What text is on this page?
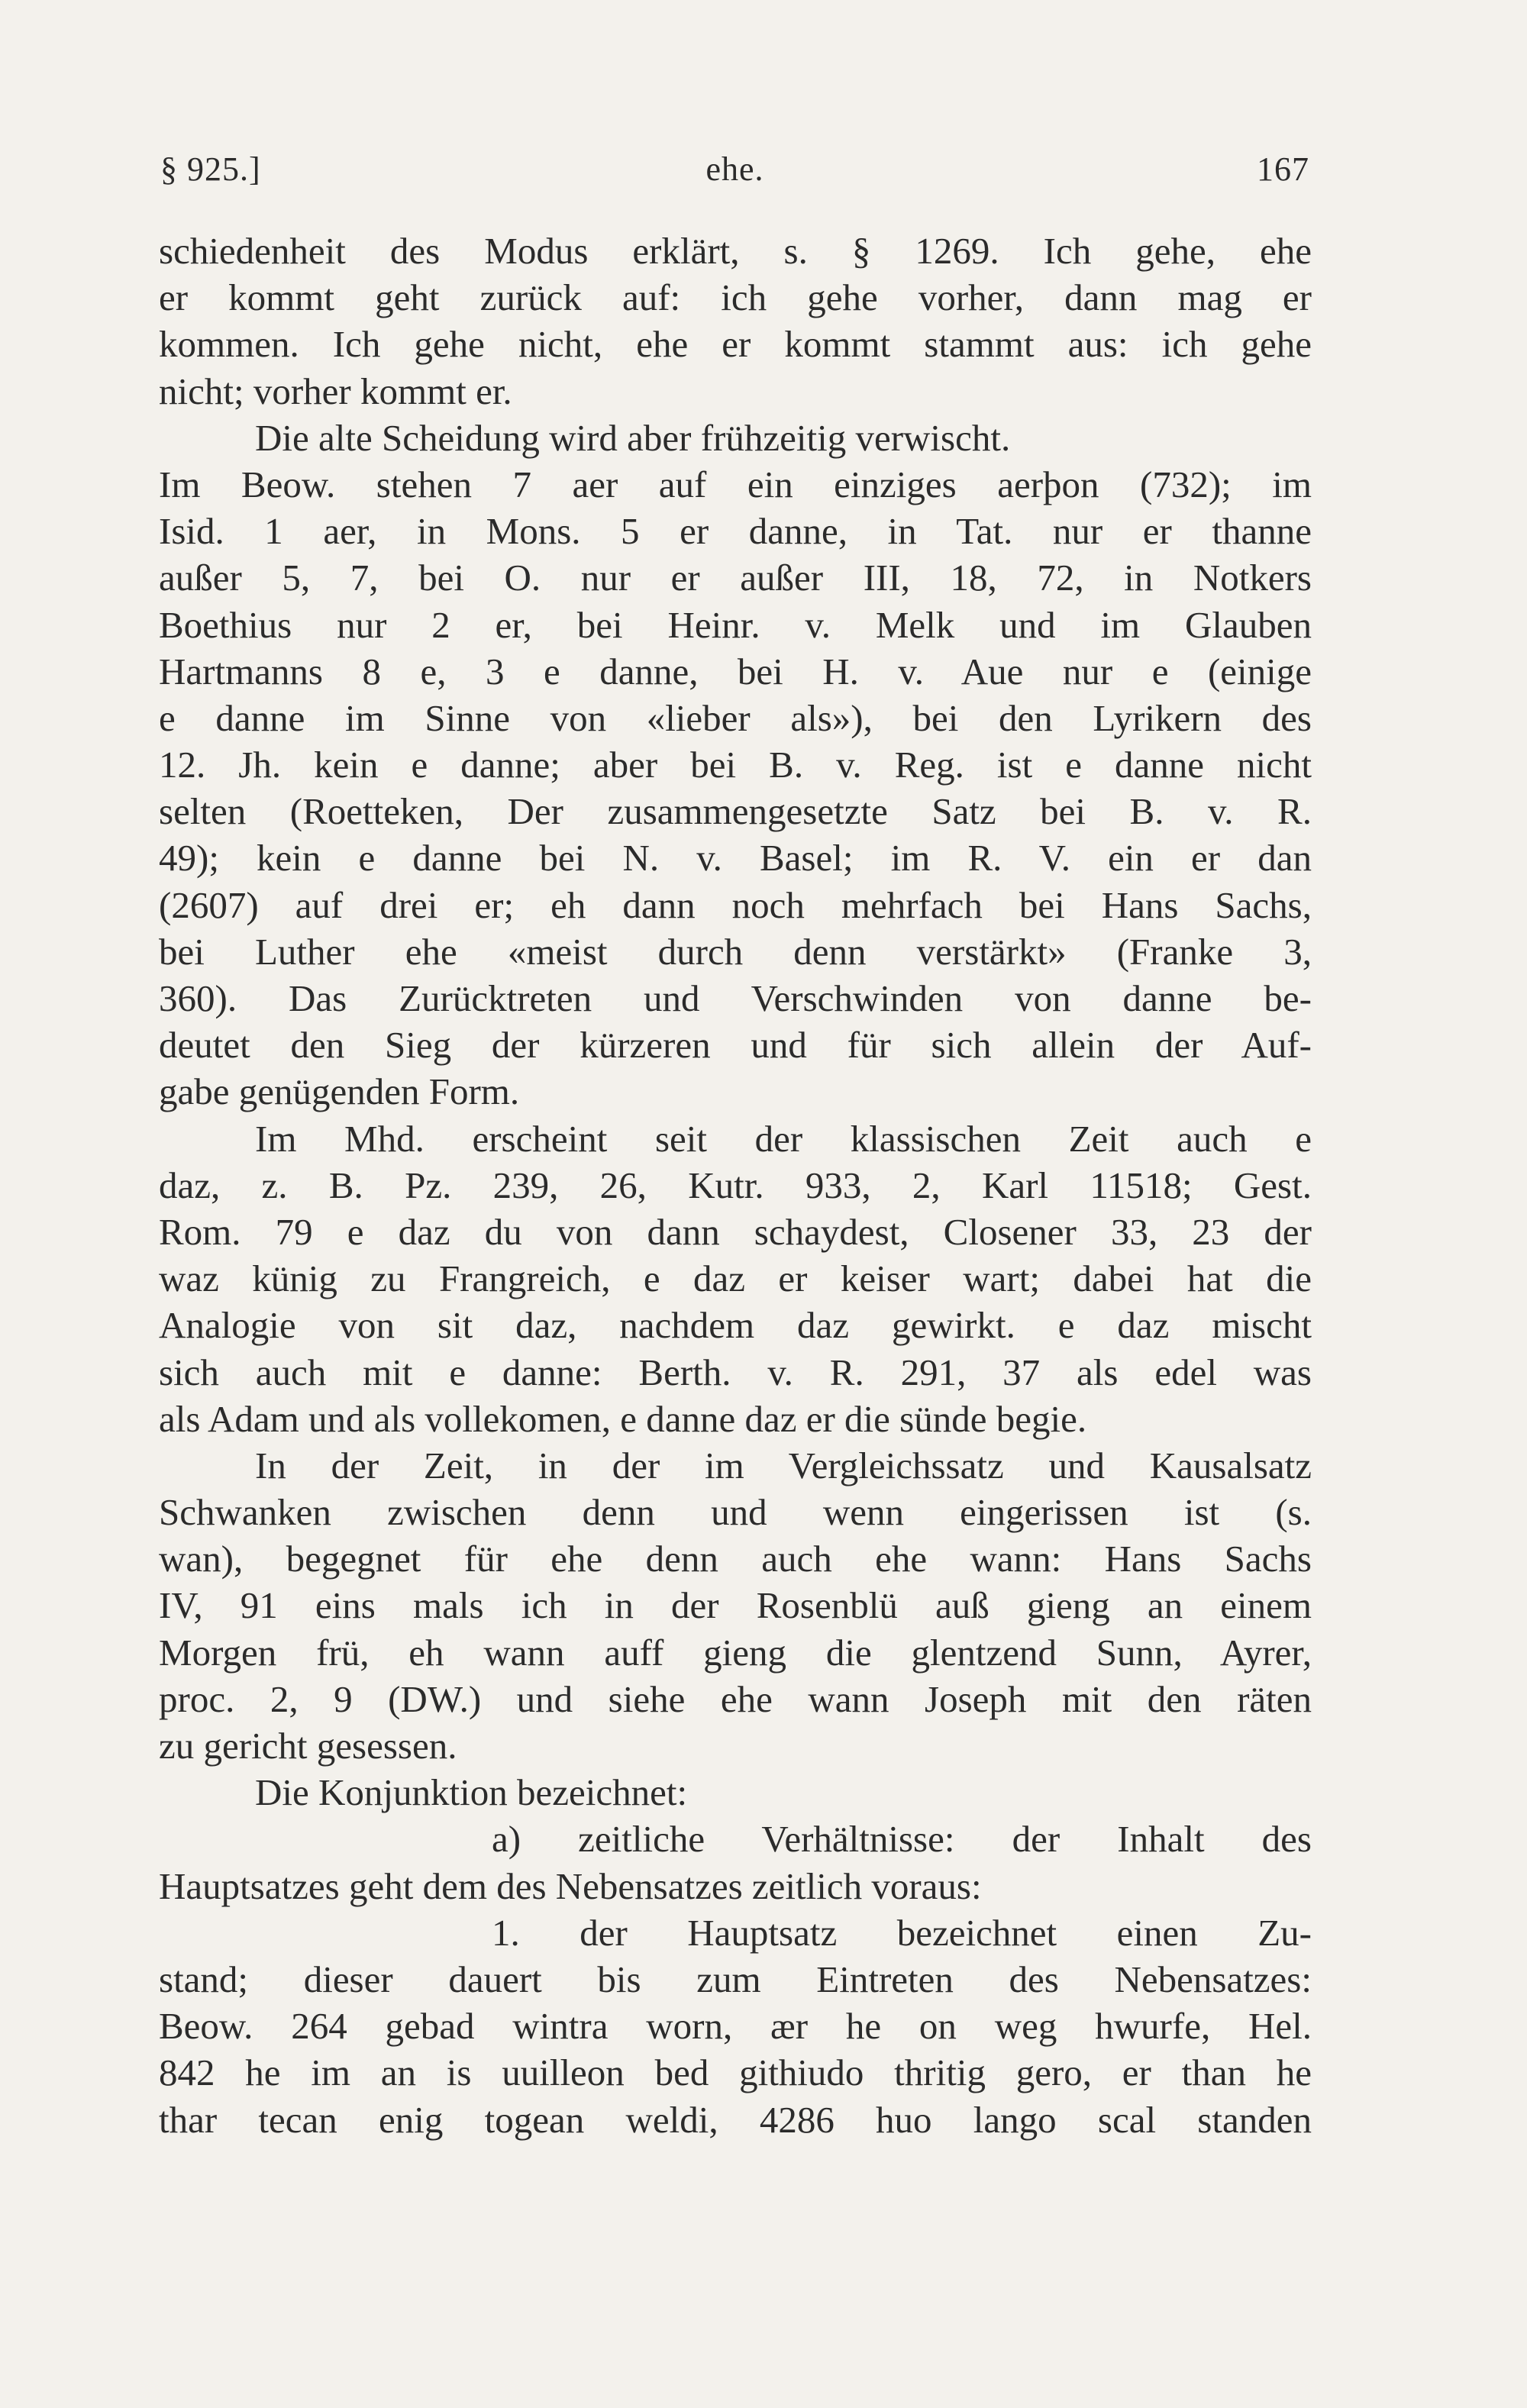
§ 925.]	ehe.	167
schiedenheit des Modus erklärt, s. § 1269. Ich gehe, ehe
er kommt geht zurück auf: ich gehe vorher, dann mag er
kommen. Ich gehe nicht, ehe er kommt stammt aus: ich gehe
nicht; vorher kommt er.
Die alte Scheidung wird aber frühzeitig verwischt.
Im Beow. stehen 7 aer auf ein einziges aerþon (732); im
Isid. 1 aer, in Mons. 5 er danne, in Tat. nur er thanne
außer 5, 7, bei O. nur er außer III, 18, 72, in Notkers
Boethius nur 2 er, bei Heinr. v. Melk und im Glauben
Hartmanns 8 e, 3 e danne, bei H. v. Aue nur e (einige
e danne im Sinne von «lieber als»), bei den Lyrikern des
12. Jh. kein e danne; aber bei B. v. Reg. ist e danne nicht
selten (Roetteken, Der zusammengesetzte Satz bei B. v. R.
49); kein e danne bei N. v. Basel; im R. V. ein er dan
(2607) auf drei er; eh dann noch mehrfach bei Hans Sachs,
bei Luther ehe «meist durch denn verstärkt» (Franke 3,
360). Das Zurücktreten und Verschwinden von danne be-
deutet den Sieg der kürzeren und für sich allein der Auf-
gabe genügenden Form.
Im Mhd. erscheint seit der klassischen Zeit auch e
daz, z. B. Pz. 239, 26, Kutr. 933, 2, Karl 11518; Gest.
Rom. 79 e daz du von dann schaydest, Closener 33, 23 der
waz künig zu Frangreich, e daz er keiser wart; dabei hat die
Analogie von sit daz, nachdem daz gewirkt. e daz mischt
sich auch mit e danne: Berth. v. R. 291, 37 als edel was
als Adam und als vollekomen, e danne daz er die sünde begie.
In der Zeit, in der im Vergleichssatz und Kausalsatz
Schwanken zwischen denn und wenn eingerissen ist (s.
wan), begegnet für ehe denn auch ehe wann: Hans Sachs
IV, 91 eins mals ich in der Rosenblü auß gieng an einem
Morgen frü, eh wann auff gieng die glentzend Sunn, Ayrer,
proc. 2, 9 (DW.) und siehe ehe wann Joseph mit den räten
zu gericht gesessen.
Die Konjunktion bezeichnet:
a) zeitliche Verhältnisse: der Inhalt des
Hauptsatzes geht dem des Nebensatzes zeitlich voraus:
1. der Hauptsatz bezeichnet einen Zu-
stand; dieser dauert bis zum Eintreten des Nebensatzes:
Beow. 264 gebad wintra worn, ær he on weg hwurfe, Hel.
842 he im an is uuilleon bed githiudo thritig gero, er than he
thar tecan enig togean weldi, 4286 huo lango scal standen
